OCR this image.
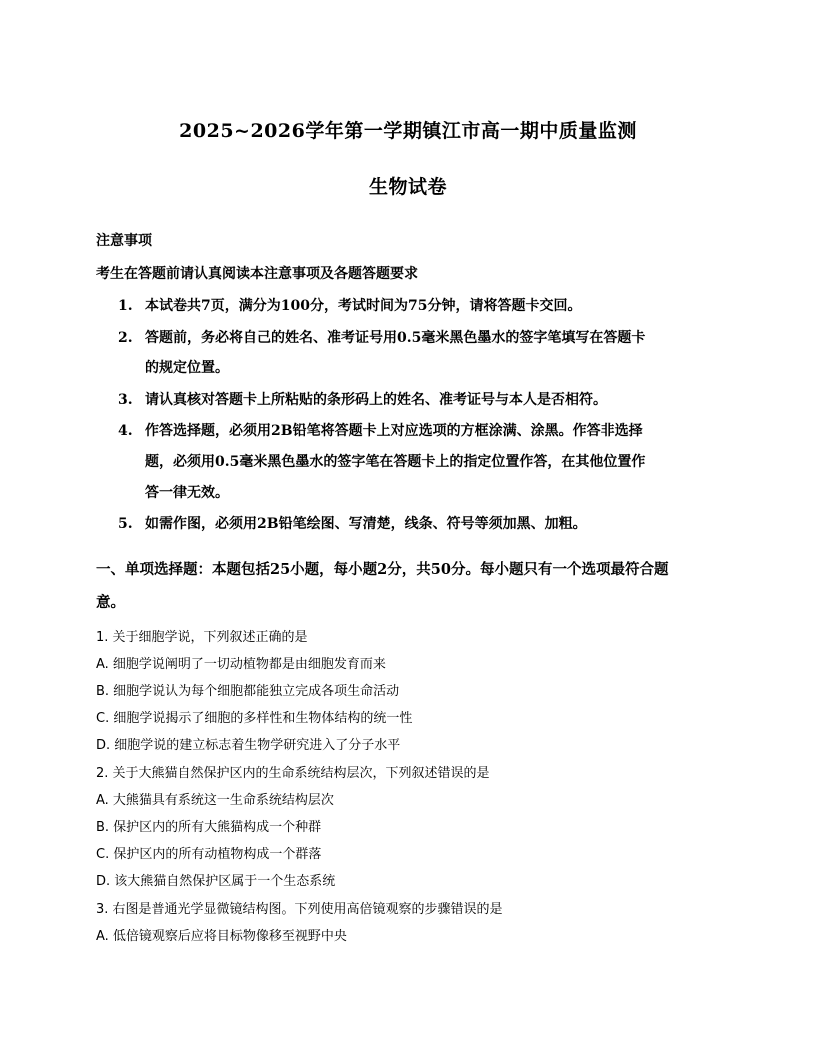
2025~2026学年第一学期镇江市高一期中质量监测
生物试卷
注意事项
考生在答题前请认真阅读本注意事项及各题答题要求
1. 本试卷共7页，满分为100分，考试时间为75分钟，请将答题卡交回。
2. 答题前，务必将自己的姓名、准考证号用0.5毫米黑色墨水的签字笔填写在答题卡
的规定位置。
3. 请认真核对答题卡上所粘贴的条形码上的姓名、准考证号与本人是否相符。
4. 作答选择题，必须用2B铅笔将答题卡上对应选项的方框涂满、涂黑。作答非选择
题，必须用0.5毫米黑色墨水的签字笔在答题卡上的指定位置作答，在其他位置作
答一律无效。
5. 如需作图，必须用2B铅笔绘图、写清楚，线条、符号等须加黑、加粗。
一、单项选择题：本题包括25小题，每小题2分，共50分。每小题只有一个选项最符合题
意。
1. 关于细胞学说，下列叙述正确的是
A. 细胞学说阐明了一切动植物都是由细胞发育而来
B. 细胞学说认为每个细胞都能独立完成各项生命活动
C. 细胞学说揭示了细胞的多样性和生物体结构的统一性
D. 细胞学说的建立标志着生物学研究进入了分子水平
2. 关于大熊猫自然保护区内的生命系统结构层次，下列叙述错误的是
A. 大熊猫具有系统这一生命系统结构层次
B. 保护区内的所有大熊猫构成一个种群
C. 保护区内的所有动植物构成一个群落
D. 该大熊猫自然保护区属于一个生态系统
3. 右图是普通光学显微镜结构图。下列使用高倍镜观察的步骤错误的是
A. 低倍镜观察后应将目标物像移至视野中央
